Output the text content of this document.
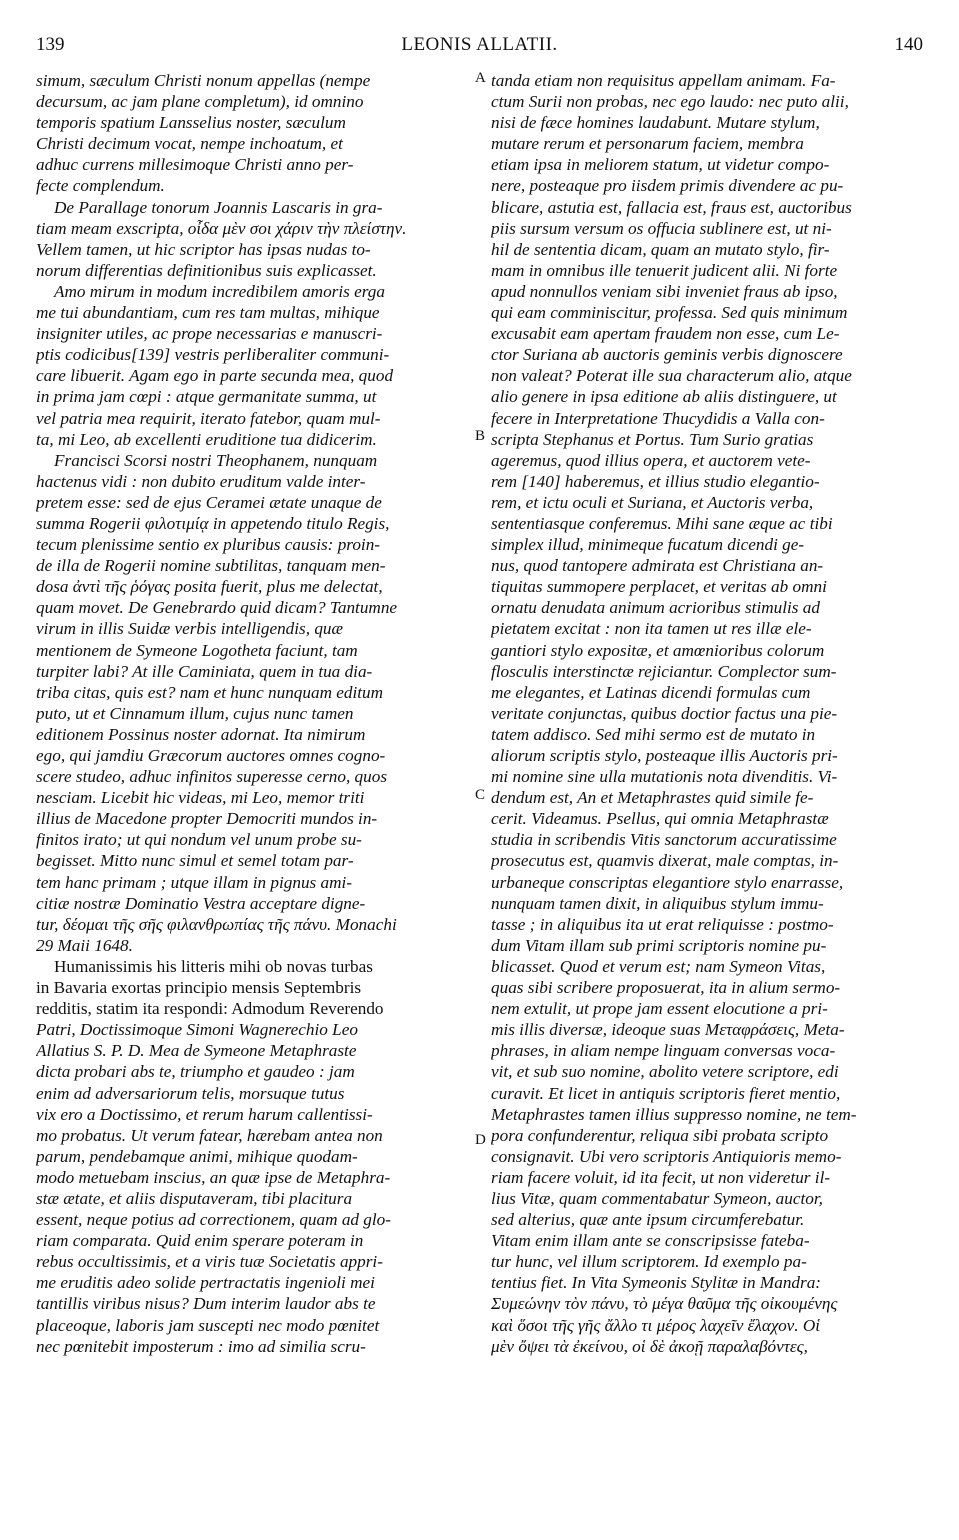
139	LEONIS ALLATII.	140
simum, sæculum Christi nonum appellas (nempe
decursum, ac jam plane completum), id omnino
temporis spatium Lansselius noster, sæculum
Christi decimum vocat, nempe inchoatum, et
adhuc currens millesimoque Christi anno per-
fecte complendum.
De Parallage tonorum Joannis Lascaris in gra-
tiam meam exscripta, οἶδα μὲν σοι χάριν τὴν πλείστην.
Vellem tamen, ut hic scriptor has ipsas nudas to-
norum differentias definitionibus suis explicasset.
Amo mirum in modum incredibilem amoris erga
me tui abundantiam, cum res tam multas, mihique
insigniter utiles, ac prope necessarias e manuscri-
ptis codicibus[139] vestris perliberaliter communi-
care libuerit. Agam ego in parte secunda mea, quod
in prima jam cœpi : atque germanitate summa, ut
vel patria mea requirit, iterato fatebor, quam mul-
ta, mi Leo, ab excellenti eruditione tua didicerim.
Francisci Scorsi nostri Theophanem, nunquam
hactenus vidi : non dubito eruditum valde inter-
pretem esse: sed de ejus Ceramei ætate unaque de
summa Rogerii φιλοτιμίᾳ in appetendo titulo Regis,
tecum plenissime sentio ex pluribus causis: proin-
de illa de Rogerii nomine subtilitas, tanquam men-
dosa ἀντὶ τῆς ῥόγας posita fuerit, plus me delectat,
quam movet. De Genebrardo quid dicam? Tantumne
virum in illis Suidæ verbis intelligendis, quæ
mentionem de Symeone Logotheta faciunt, tam
turpiter labi? At ille Caminiata, quem in tua dia-
triba citas, quis est? nam et hunc nunquam editum
puto, ut et Cinnamum illum, cujus nunc tamen
editionem Possinus noster adornat. Ita nimirum
ego, qui jamdiu Græcorum auctores omnes cogno-
scere studeo, adhuc infinitos superesse cerno, quos
nesciam. Licebit hic videas, mi Leo, memor triti
illius de Macedone propter Democriti mundos in-
finitos irato; ut qui nondum vel unum probe su-
begisset. Mitto nunc simul et semel totam par-
tem hanc primam ; utque illam in pignus ami-
citiæ nostræ Dominatio Vestra acceptare digne-
tur, δέομαι τῆς σῆς φιλανθρωπίας τῆς πάνυ. Monachi
29 Maii 1648.
Humanissimis his litteris mihi ob novas turbas
in Bavaria exortas principio mensis Septembris
redditis, statim ita respondi: Admodum Reverendo
Patri, Doctissimoque Simoni Wagnerechio Leo
Allatius S. P. D. Mea de Symeone Metaphraste
dicta probari abs te, triumpho et gaudeo : jam
enim ad adversariorum telis, morsuque tutus
vix ero a Doctissimo, et rerum harum callentissi-
mo probatus. Ut verum fatear, hærebam antea non
parum, pendebamque animi, mihique quodam-
modo metuebam inscius, an quæ ipse de Metaphra-
stæ ætate, et aliis disputaveram, tibi placitura
essent, neque potius ad correctionem, quam ad glo-
riam comparata. Quid enim sperare poteram in
rebus occultissimis, et a viris tuæ Societatis appri-
me eruditis adeo solide pertractatis ingenioli mei
tantillis viribus nisus? Dum interim laudor abs te
placeoque, laboris jam suscepti nec modo pœnitet
nec pœnitebit imposterum : imo ad similia scru-
tanda etiam non requisitus appellam animam. Fa-
ctum Surii non probas, nec ego laudo: nec puto alii,
nisi de fæce homines laudabunt. Mutare stylum,
mutare rerum et personarum faciem, membra
etiam ipsa in meliorem statum, ut videtur compo-
nere, posteaque pro iisdem primis divendere ac pu-
blicare, astutia est, fallacia est, fraus est, auctoribus
piis sursum versum os offucia sublinere est, ut ni-
hil de sententia dicam, quam an mutato stylo, fir-
mam in omnibus ille tenuerit judicent alii. Ni forte
apud nonnullos veniam sibi inveniet fraus ab ipso,
qui eam comminiscitur, professa. Sed quis minimum
excusabit eam apertam fraudem non esse, cum Le-
ctor Suriana ab auctoris geminis verbis dignoscere
non valeat? Poterat ille sua characterum alio, atque
alio genere in ipsa editione ab aliis distinguere, ut
fecere in Interpretatione Thucydidis a Valla con-
scripta Stephanus et Portus. Tum Surio gratias
ageremus, quod illius opera, et auctorem vete-
rem [140] haberemus, et illius studio elegantio-
rem, et ictu oculi et Suriana, et Auctoris verba,
sententiasque conferemus. Mihi sane æque ac tibi
simplex illud, minimeque fucatum dicendi ge-
nus, quod tantopere admirata est Christiana an-
tiquitas summopere perplacet, et veritas ab omni
ornatu denudata animum acrioribus stimulis ad
pietatem excitat : non ita tamen ut res illæ ele-
gantiori stylo expositæ, et amœnioribus colorum
flosculis interstinctæ rejiciantur. Complector sum-
me elegantes, et Latinas dicendi formulas cum
veritate conjunctas, quibus doctior factus una pie-
tatem addisco. Sed mihi sermo est de mutato in
aliorum scriptis stylo, posteaque illis Auctoris pri-
mi nomine sine ulla mutationis nota divenditis. Vi-
dendum est, An et Metaphrastes quid simile fe-
cerit. Videamus. Psellus, qui omnia Metaphrastæ
studia in scribendis Vitis sanctorum accuratissime
prosecutus est, quamvis dixerat, male comptas, in-
urbaneque conscriptas elegantiore stylo enarrasse,
nunquam tamen dixit, in aliquibus stylum immu-
tasse ; in aliquibus ita ut erat reliquisse : postmo-
dum Vitam illam sub primi scriptoris nomine pu-
blicasset. Quod et verum est; nam Symeon Vitas,
quas sibi scribere proposuerat, ita in alium sermo-
nem extulit, ut prope jam essent elocutione a pri-
mis illis diversæ, ideoque suas Μεταφράσεις, Meta-
phrases, in aliam nempe linguam conversas voca-
vit, et sub suo nomine, abolito vetere scriptore, edi
curavit. Et licet in antiquis scriptoris fieret mentio,
Metaphrastes tamen illius suppresso nomine, ne tem-
pora confunderentur, reliqua sibi probata scripto
consignavit. Ubi vero scriptoris Antiquioris memo-
riam facere voluit, id ita fecit, ut non videretur il-
lius Vitæ, quam commentabatur Symeon, auctor,
sed alterius, quæ ante ipsum circumferebatur.
Vitam enim illam ante se conscripsisse fateba-
tur hunc, vel illum scriptorem. Id exemplo pa-
tentius fiet. In Vita Symeonis Stylitæ in Mandra:
Συμεώνην τὸν πάνυ, τὸ μέγα θαῦμα τῆς οἰκουμένης
καὶ ὅσοι τῆς γῆς ἄλλο τι μέρος λαχεῖν ἔλαχον. Οἱ
μὲν ὄψει τὰ ἐκείνου, οἱ δὲ ἀκοῇ παραλαβόντες,
A
B
C
D
